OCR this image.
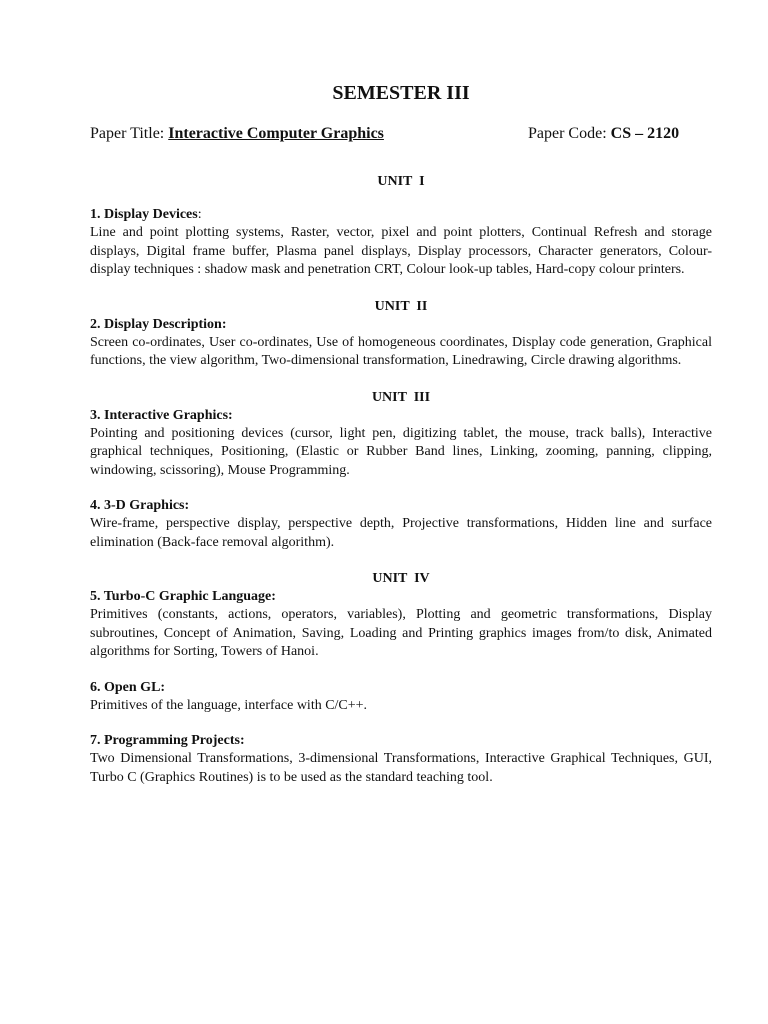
SEMESTER III
Paper Title: Interactive Computer Graphics	Paper Code: CS – 2120
UNIT  I

1. Display Devices:

Line and point plotting systems, Raster, vector, pixel and point plotters, Continual Refresh and storage displays, Digital frame buffer, Plasma panel displays, Display processors, Character generators, Colour-display techniques : shadow mask and penetration CRT, Colour look-up tables, Hard-copy colour printers.

UNIT  II

2. Display Description:

Screen co-ordinates, User co-ordinates, Use of homogeneous coordinates, Display code generation, Graphical functions, the view algorithm, Two-dimensional transformation, Linedrawing, Circle drawing algorithms.

UNIT  III

3. Interactive Graphics:

Pointing and positioning devices (cursor, light pen, digitizing tablet, the mouse, track balls), Interactive graphical techniques, Positioning, (Elastic or Rubber Band lines, Linking, zooming, panning, clipping, windowing, scissoring), Mouse Programming.

4. 3-D Graphics:

Wire-frame, perspective display, perspective depth, Projective transformations, Hidden line and surface elimination (Back-face removal algorithm).

UNIT  IV

5. Turbo-C Graphic Language:

Primitives (constants, actions, operators, variables), Plotting and geometric transformations, Display subroutines, Concept of Animation, Saving, Loading and Printing graphics images from/to disk, Animated algorithms for Sorting, Towers of Hanoi.

6. Open GL:

Primitives of the language, interface with C/C++.

7. Programming Projects:

Two Dimensional Transformations, 3-dimensional Transformations, Interactive Graphical Techniques, GUI, Turbo C (Graphics Routines) is to be used as the standard teaching tool.
